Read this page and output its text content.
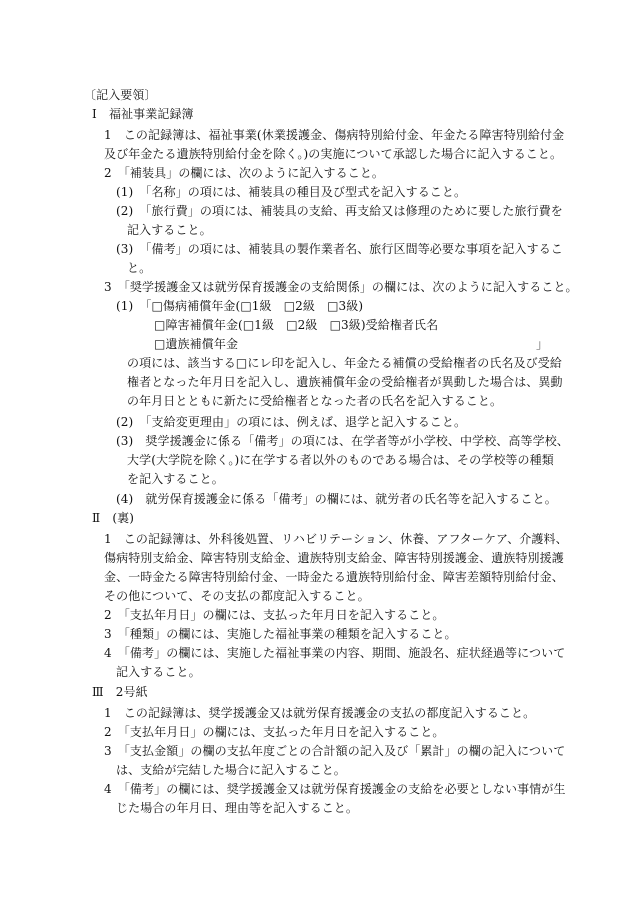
〔記入要領〕
Ⅰ　福祉事業記録簿
1　この記録簿は、福祉事業(休業援護金、傷病特別給付金、年金たる障害特別給付金
及び年金たる遺族特別給付金を除く。)の実施について承認した場合に記入すること。
2　「補装具」の欄には、次のように記入すること。
(1)　「名称」の項には、補装具の種目及び型式を記入すること。
(2)　「旅行費」の項には、補装具の支給、再支給又は修理のために要した旅行費を
記入すること。
(3)　「備考」の項には、補装具の製作業者名、旅行区間等必要な事項を記入するこ
と。
3　「奨学援護金又は就労保育援護金の支給関係」の欄には、次のように記入すること。
(1)　「□傷病補償年金(□1級　□2級　□3級)
□障害補償年金(□1級　□2級　□3級)受給権者氏名
□遺族補償年金	」
の項には、該当する□にレ印を記入し、年金たる補償の受給権者の氏名及び受給
権者となった年月日を記入し、遺族補償年金の受給権者が異動した場合は、異動
の年月日とともに新たに受給権者となった者の氏名を記入すること。
(2)　「支給変更理由」の項には、例えば、退学と記入すること。
(3)　奨学援護金に係る「備考」の項には、在学者等が小学校、中学校、高等学校、
大学(大学院を除く。)に在学する者以外のものである場合は、その学校等の種類
を記入すること。
(4)　就労保育援護金に係る「備考」の欄には、就労者の氏名等を記入すること。
Ⅱ　(裏)
1　この記録簿は、外科後処置、リハビリテーション、休養、アフターケア、介護料、
傷病特別支給金、障害特別支給金、遺族特別支給金、障害特別援護金、遺族特別援護
金、一時金たる障害特別給付金、一時金たる遺族特別給付金、障害差額特別給付金、
その他について、その支払の都度記入すること。
2　「支払年月日」の欄には、支払った年月日を記入すること。
3　「種類」の欄には、実施した福祉事業の種類を記入すること。
4　「備考」の欄には、実施した福祉事業の内容、期間、施設名、症状経過等について
記入すること。
Ⅲ　2号紙
1　この記録簿は、奨学援護金又は就労保育援護金の支払の都度記入すること。
2　「支払年月日」の欄には、支払った年月日を記入すること。
3　「支払金額」の欄の支払年度ごとの合計額の記入及び「累計」の欄の記入について
は、支給が完結した場合に記入すること。
4　「備考」の欄には、奨学援護金又は就労保育援護金の支給を必要としない事情が生
じた場合の年月日、理由等を記入すること。
